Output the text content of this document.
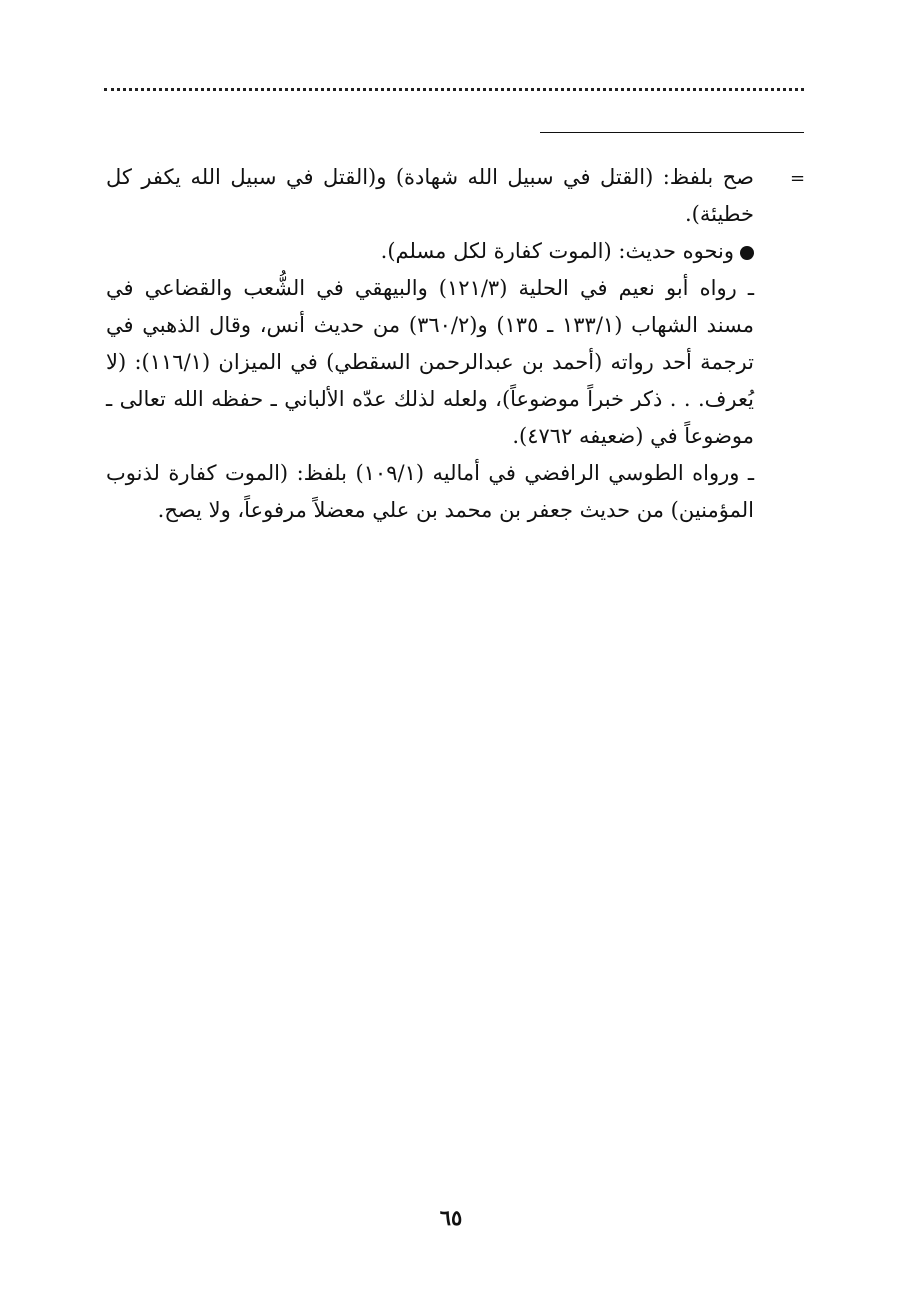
=

صح بلفظ: (القتل في سبيل الله شهادة) و(القتل في سبيل الله يكفر كل خطيئة).

ونحوه حديث: (الموت كفارة لكل مسلم).

ـ رواه أبو نعيم في الحلية (١٢١/٣) والبيهقي في الشُّعب والقضاعي في مسند الشهاب (١٣٣/١ ـ ١٣٥) و(٣٦٠/٢) من حديث أنس، وقال الذهبي في ترجمة أحد رواته (أحمد بن عبدالرحمن السقطي) في الميزان (١١٦/١): (لا يُعرف. . . ذكر خبراً موضوعاً)، ولعله لذلك عدّه الألباني ـ حفظه الله تعالى ـ موضوعاً في (ضعيفه ٤٧٦٢).

ـ ورواه الطوسي الرافضي في أماليه (١٠٩/١) بلفظ: (الموت كفارة لذنوب المؤمنين) من حديث جعفر بن محمد بن علي معضلاً مرفوعاً، ولا يصح.

٦٥
